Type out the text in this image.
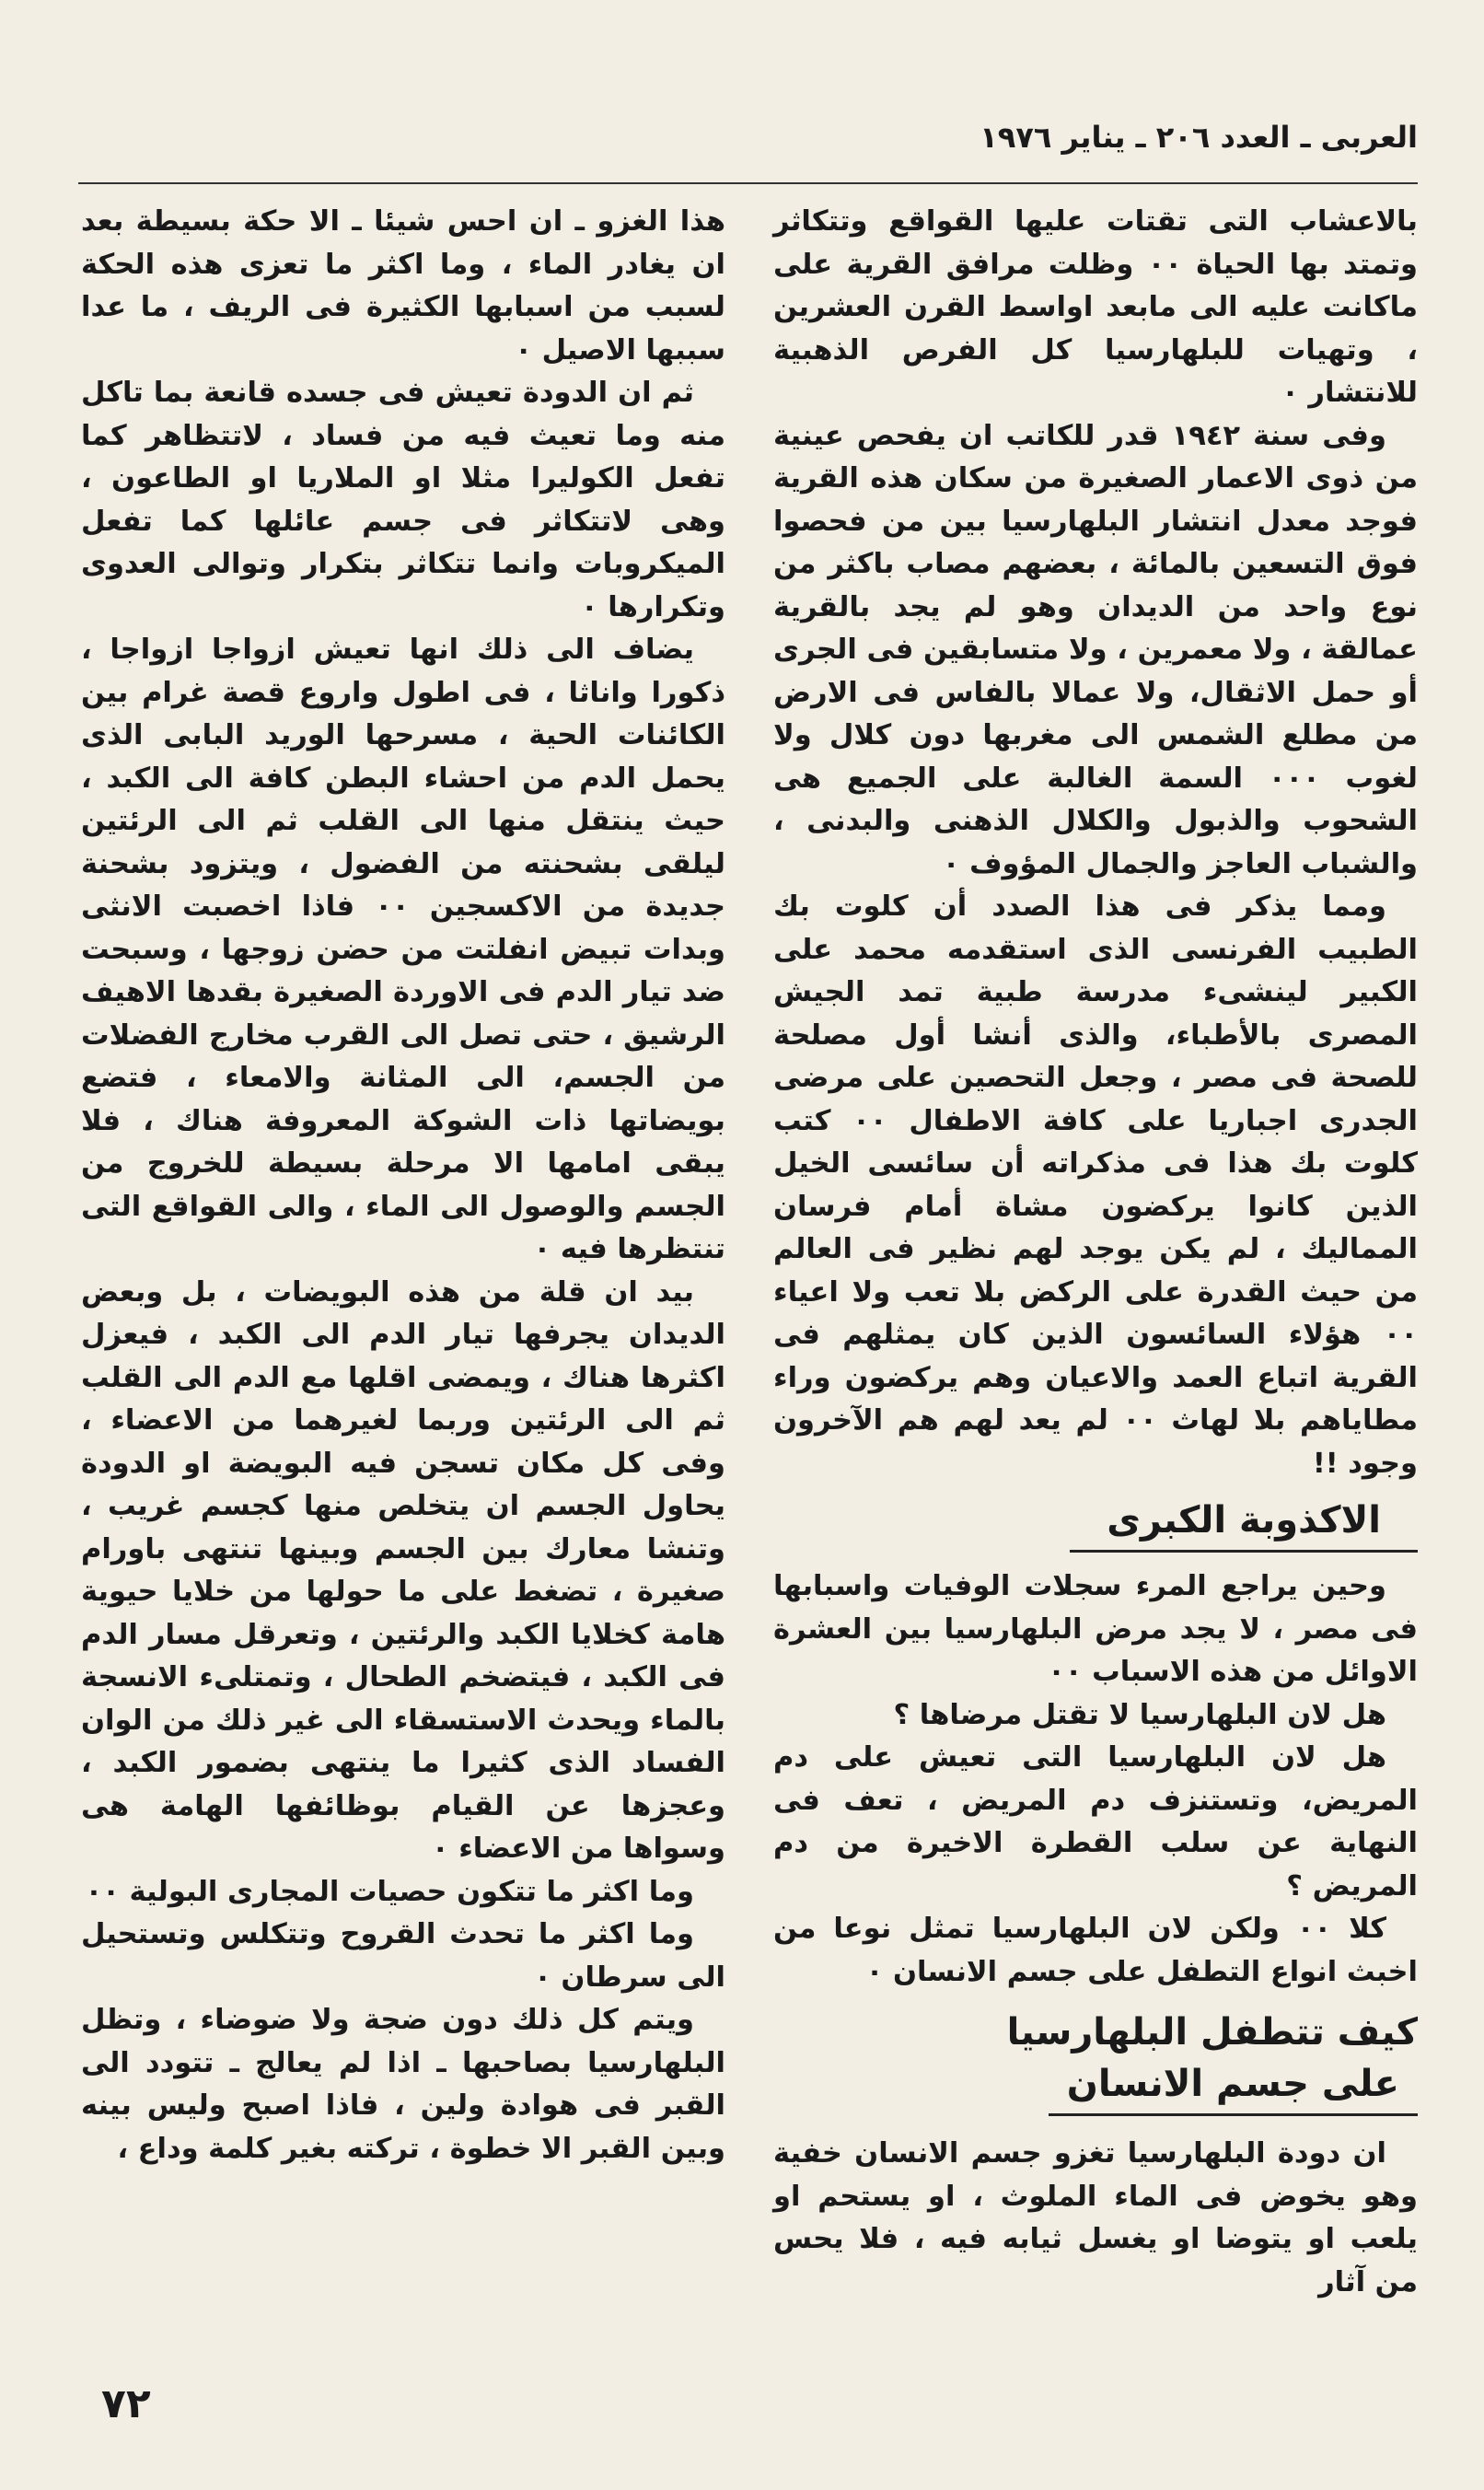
العربى ـ العدد ٢٠٦ ـ يناير ١٩٧٦

بالاعشاب التى تقتات عليها القواقع وتتكاثر وتمتد بها الحياة ٠٠ وظلت مرافق القرية على ماكانت عليه الى مابعد اواسط القرن العشرين ، وتهيات للبلهارسيا كل الفرص الذهبية للانتشار ٠

وفى سنة ١٩٤٢ قدر للكاتب ان يفحص عينية من ذوى الاعمار الصغيرة من سكان هذه القرية فوجد معدل انتشار البلهارسيا بين من فحصوا فوق التسعين بالمائة ، بعضهم مصاب باكثر من نوع واحد من الديدان وهو لم يجد بالقرية عمالقة ، ولا معمرين ، ولا متسابقين فى الجرى أو حمل الاثقال، ولا عمالا بالفاس فى الارض من مطلع الشمس الى مغربها دون كلال ولا لغوب ٠٠٠ السمة الغالبة على الجميع هى الشحوب والذبول والكلال الذهنى والبدنى ، والشباب العاجز والجمال المؤوف ٠

ومما يذكر فى هذا الصدد أن كلوت بك الطبيب الفرنسى الذى استقدمه محمد على الكبير لينشىء مدرسة طبية تمد الجيش المصرى بالأطباء، والذى أنشا أول مصلحة للصحة فى مصر ، وجعل التحصين على مرضى الجدرى اجباريا على كافة الاطفال ٠٠ كتب كلوت بك هذا فى مذكراته أن سائسى الخيل الذين كانوا يركضون مشاة أمام فرسان المماليك ، لم يكن يوجد لهم نظير فى العالم من حيث القدرة على الركض بلا تعب ولا اعياء ٠٠ هؤلاء السائسون الذين كان يمثلهم فى القرية اتباع العمد والاعيان وهم يركضون وراء مطاياهم بلا لهاث ٠٠ لم يعد لهم هم الآخرون وجود !!

الاكذوبة الكبرى

وحين يراجع المرء سجلات الوفيات واسبابها فى مصر ، لا يجد مرض البلهارسيا بين العشرة الاوائل من هذه الاسباب ٠٠

هل لان البلهارسيا لا تقتل مرضاها ؟

هل لان البلهارسيا التى تعيش على دم المريض، وتستنزف دم المريض ، تعف فى النهاية عن سلب القطرة الاخيرة من دم المريض ؟

كلا ٠٠ ولكن لان البلهارسيا تمثل نوعا من اخبث انواع التطفل على جسم الانسان ٠

كيف تتطفل البلهارسيا
على جسم الانسان

ان دودة البلهارسيا تغزو جسم الانسان خفية وهو يخوض فى الماء الملوث ، او يستحم او يلعب او يتوضا او يغسل ثيابه فيه ، فلا يحس من آثار

هذا الغزو ـ ان احس شيئا ـ الا حكة بسيطة بعد ان يغادر الماء ، وما اكثر ما تعزى هذه الحكة لسبب من اسبابها الكثيرة فى الريف ، ما عدا سببها الاصيل ٠

ثم ان الدودة تعيش فى جسده قانعة بما تاكل منه وما تعيث فيه من فساد ، لاتتظاهر كما تفعل الكوليرا مثلا او الملاريا او الطاعون ، وهى لاتتكاثر فى جسم عائلها كما تفعل الميكروبات وانما تتكاثر بتكرار وتوالى العدوى وتكرارها ٠

يضاف الى ذلك انها تعيش ازواجا ازواجا ، ذكورا واناثا ، فى اطول واروع قصة غرام بين الكائنات الحية ، مسرحها الوريد البابى الذى يحمل الدم من احشاء البطن كافة الى الكبد ، حيث ينتقل منها الى القلب ثم الى الرئتين ليلقى بشحنته من الفضول ، ويتزود بشحنة جديدة من الاكسجين ٠٠ فاذا اخصبت الانثى وبدات تبيض انفلتت من حضن زوجها ، وسبحت ضد تيار الدم فى الاوردة الصغيرة بقدها الاهيف الرشيق ، حتى تصل الى القرب مخارج الفضلات من الجسم، الى المثانة والامعاء ، فتضع بويضاتها ذات الشوكة المعروفة هناك ، فلا يبقى امامها الا مرحلة بسيطة للخروج من الجسم والوصول الى الماء ، والى القواقع التى تنتظرها فيه ٠

بيد ان قلة من هذه البويضات ، بل وبعض الديدان يجرفها تيار الدم الى الكبد ، فيعزل اكثرها هناك ، ويمضى اقلها مع الدم الى القلب ثم الى الرئتين وربما لغيرهما من الاعضاء ، وفى كل مكان تسجن فيه البويضة او الدودة يحاول الجسم ان يتخلص منها كجسم غريب ، وتنشا معارك بين الجسم وبينها تنتهى باورام صغيرة ، تضغط على ما حولها من خلايا حيوية هامة كخلايا الكبد والرئتين ، وتعرقل مسار الدم فى الكبد ، فيتضخم الطحال ، وتمتلىء الانسجة بالماء ويحدث الاستسقاء الى غير ذلك من الوان الفساد الذى كثيرا ما ينتهى بضمور الكبد ، وعجزها عن القيام بوظائفها الهامة هى وسواها من الاعضاء ٠

وما اكثر ما تتكون حصيات المجارى البولية ٠٠

وما اكثر ما تحدث القروح وتتكلس وتستحيل الى سرطان ٠

ويتم كل ذلك دون ضجة ولا ضوضاء ، وتظل البلهارسيا بصاحبها ـ اذا لم يعالج ـ تتودد الى القبر فى هوادة ولين ، فاذا اصبح وليس بينه وبين القبر الا خطوة ، تركته بغير كلمة وداع ،

٧٢
